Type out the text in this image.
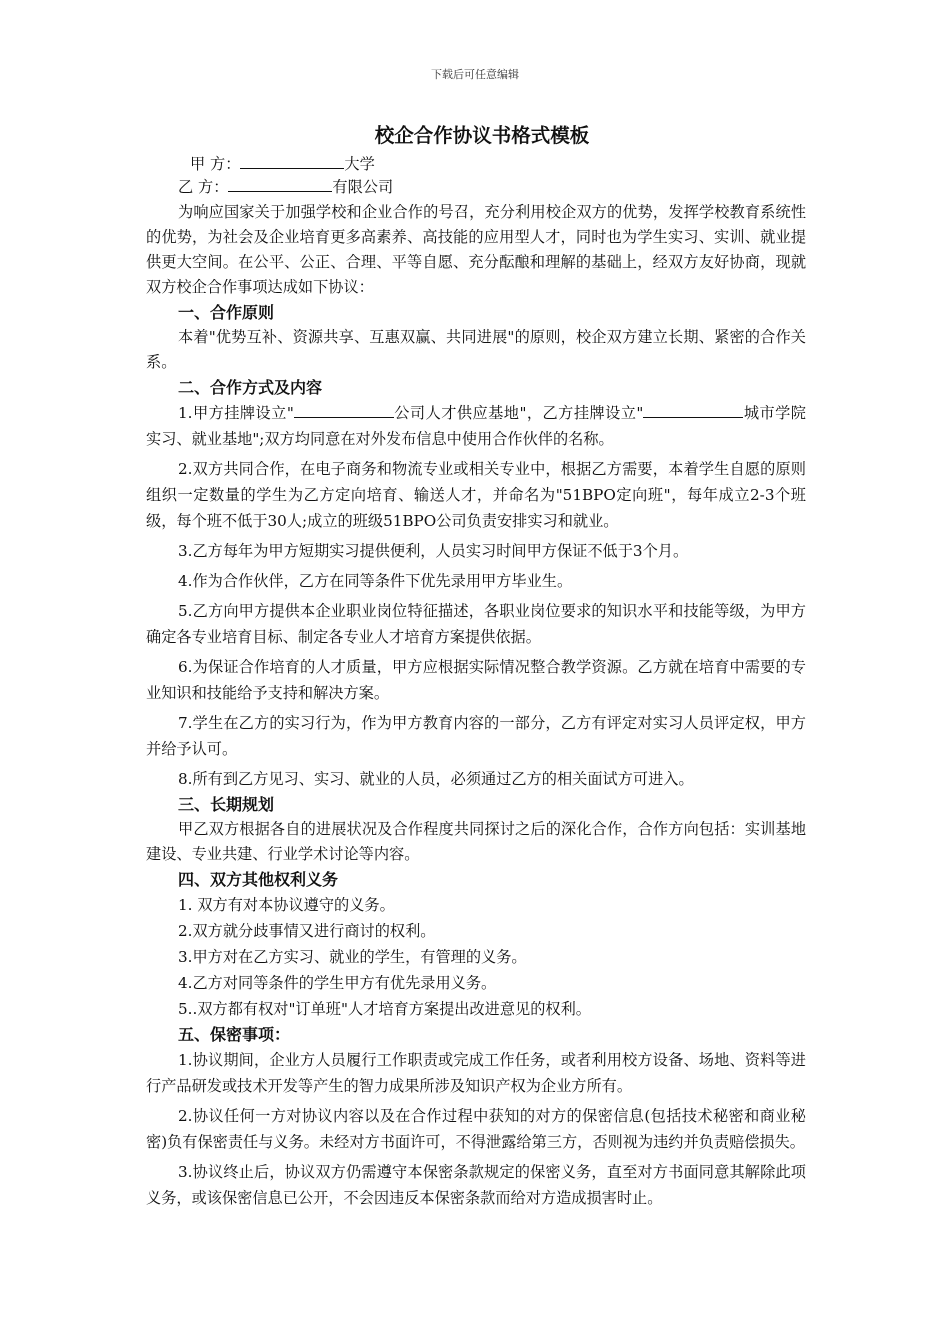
下载后可任意编辑
校企合作协议书格式模板

甲 方：	大学

乙 方：	有限公司

为响应国家关于加强学校和企业合作的号召，充分利用校企双方的优势，发挥学校教育系统性的优势，为社会及企业培育更多高素养、高技能的应用型人才，同时也为学生实习、实训、就业提供更大空间。在公平、公正、合理、平等自愿、充分酝酿和理解的基础上，经双方友好协商，现就双方校企合作事项达成如下协议：

一、合作原则

本着"优势互补、资源共享、互惠双赢、共同进展"的原则，校企双方建立长期、紧密的合作关系。

二、合作方式及内容

1.甲方挂牌设立"	公司人才供应基地"，乙方挂牌设立"	城市学院实习、就业基地";双方均同意在对外发布信息中使用合作伙伴的名称。

2.双方共同合作，在电子商务和物流专业或相关专业中，根据乙方需要，本着学生自愿的原则组织一定数量的学生为乙方定向培育、输送人才，并命名为"51BPO定向班"，每年成立2-3个班级，每个班不低于30人;成立的班级51BPO公司负责安排实习和就业。

3.乙方每年为甲方短期实习提供便利，人员实习时间甲方保证不低于3个月。

4.作为合作伙伴，乙方在同等条件下优先录用甲方毕业生。

5.乙方向甲方提供本企业职业岗位特征描述，各职业岗位要求的知识水平和技能等级，为甲方确定各专业培育目标、制定各专业人才培育方案提供依据。

6.为保证合作培育的人才质量，甲方应根据实际情况整合教学资源。乙方就在培育中需要的专业知识和技能给予支持和解决方案。

7.学生在乙方的实习行为，作为甲方教育内容的一部分，乙方有评定对实习人员评定权，甲方并给予认可。

8.所有到乙方见习、实习、就业的人员，必须通过乙方的相关面试方可进入。

三、长期规划

甲乙双方根据各自的进展状况及合作程度共同探讨之后的深化合作，合作方向包括：实训基地建设、专业共建、行业学术讨论等内容。

四、双方其他权利义务

1. 双方有对本协议遵守的义务。

2.双方就分歧事情又进行商讨的权利。

3.甲方对在乙方实习、就业的学生，有管理的义务。

4.乙方对同等条件的学生甲方有优先录用义务。

5..双方都有权对"订单班"人才培育方案提出改进意见的权利。

五、保密事项：

1.协议期间，企业方人员履行工作职责或完成工作任务，或者利用校方设备、场地、资料等进行产品研发或技术开发等产生的智力成果所涉及知识产权为企业方所有。

2.协议任何一方对协议内容以及在合作过程中获知的对方的保密信息(包括技术秘密和商业秘密)负有保密责任与义务。未经对方书面许可，不得泄露给第三方，否则视为违约并负责赔偿损失。

3.协议终止后，协议双方仍需遵守本保密条款规定的保密义务，直至对方书面同意其解除此项义务，或该保密信息已公开，不会因违反本保密条款而给对方造成损害时止。
